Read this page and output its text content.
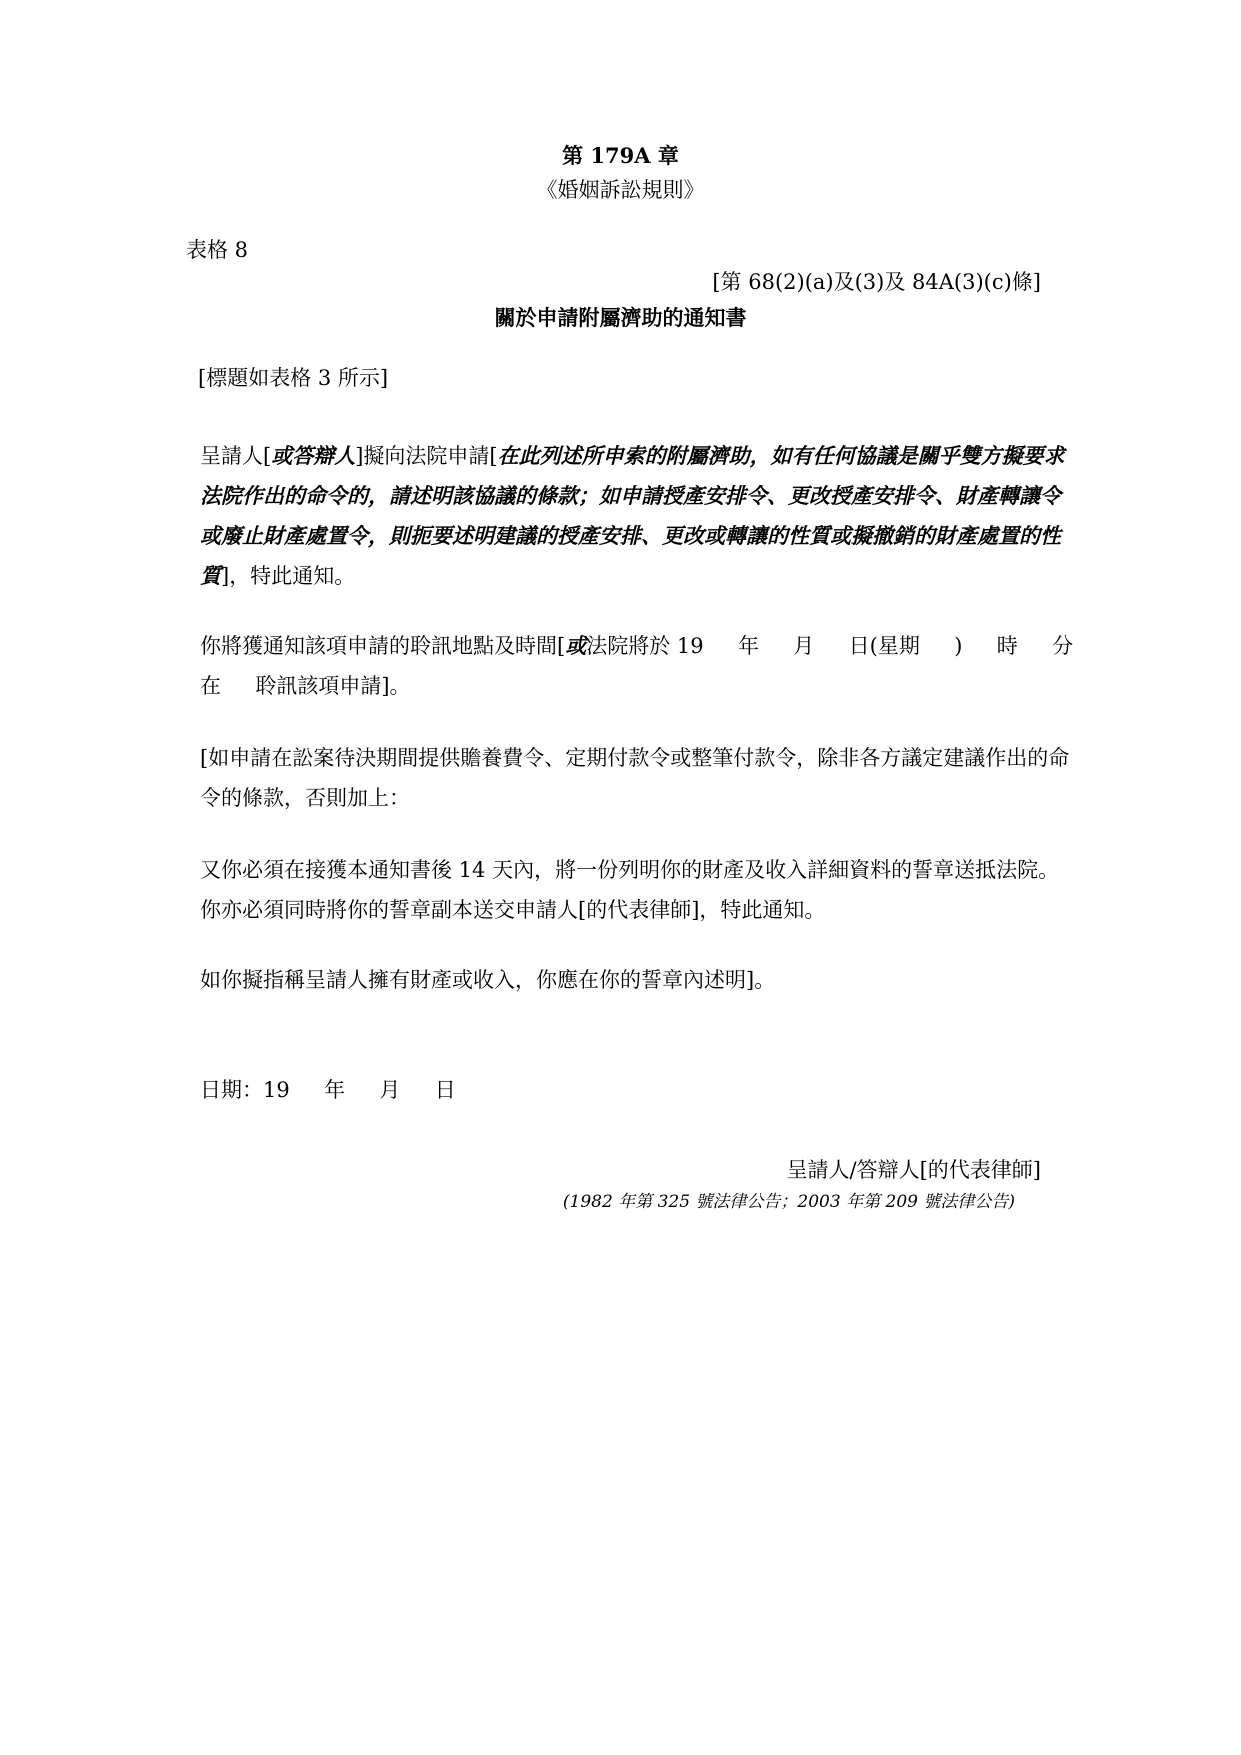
第 179A 章
《婚姻訴訟規則》
表格 8
[第 68(2)(a)及(3)及 84A(3)(c)條]
關於申請附屬濟助的通知書
[標題如表格 3 所示]
呈請人[或答辯人]擬向法院申請[在此列述所申索的附屬濟助，如有任何協議是關乎雙方擬要求法院作出的命令的，請述明該協議的條款；如申請授產安排令、更改授產安排令、財產轉讓令或廢止財產處置令，則扼要述明建議的授產安排、更改或轉讓的性質或擬撤銷的財產處置的性質]，特此通知。
你將獲通知該項申請的聆訊地點及時間[或法院將於 19 　 年 　 月 　 日(星期 　 ) 　 時 　 分在 　 聆訊該項申請]。
[如申請在訟案待決期間提供贍養費令、定期付款令或整筆付款令，除非各方議定建議作出的命令的條款，否則加上：
又你必須在接獲本通知書後 14 天內，將一份列明你的財產及收入詳細資料的誓章送抵法院。你亦必須同時將你的誓章副本送交申請人[的代表律師]，特此通知。
如你擬指稱呈請人擁有財產或收入，你應在你的誓章內述明]。
日期：19 　 年 　 月 　 日
呈請人/答辯人[的代表律師]
(1982 年第 325 號法律公告；2003 年第 209 號法律公告)
